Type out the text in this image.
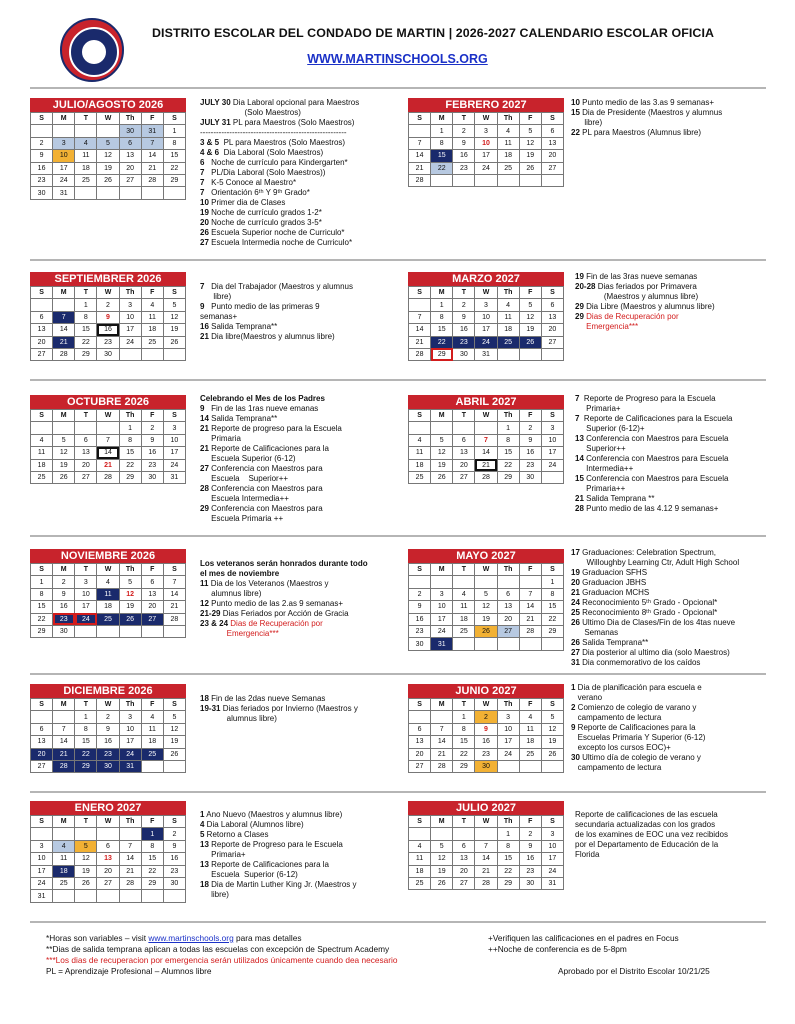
DISTRITO ESCOLAR DEL CONDADO DE MARTIN | 2026-2027 CALENDARIO ESCOLAR OFICIA
WWW.MARTINSCHOOLS.ORG
JULIO/AGOSTO 2026
S	M	T	W	Th	F	S
				30	31	1
2	3	4	5	6	7	8
9	10	11	12	13	14	15
16	17	18	19	20	21	22
23	24	25	26	27	28	29
30	31					
FEBRERO 2027
S	M	T	W	Th	F	S
	1	2	3	4	5	6
7	8	9	10	11	12	13
14	15	16	17	18	19	20
21	22	23	24	25	26	27
28						
SEPTIEMBRER 2026
S	M	T	W	Th	F	S
		1	2	3	4	5
6	7	8	9	10	11	12
13	14	15	16	17	18	19
20	21	22	23	24	25	26
27	28	29	30			
MARZO 2027
S	M	T	W	Th	F	S
	1	2	3	4	5	6
7	8	9	10	11	12	13
14	15	16	17	18	19	20
21	22	23	24	25	26	27
28	29	30	31			
OCTUBRE 2026
S	M	T	W	Th	F	S
				1	2	3
4	5	6	7	8	9	10
11	12	13	14	15	16	17
18	19	20	21	22	23	24
25	26	27	28	29	30	31
ABRIL 2027
S	M	T	W	Th	F	S
				1	2	3
4	5	6	7	8	9	10
11	12	13	14	15	16	17
18	19	20	21	22	23	24
25	26	27	28	29	30	
NOVIEMBRE 2026
S	M	T	W	Th	F	S
1	2	3	4	5	6	7
8	9	10	11	12	13	14
15	16	17	18	19	20	21
22	23	24	25	26	27	28
29	30					
MAYO 2027
S	M	T	W	Th	F	S
						1
2	3	4	5	6	7	8
9	10	11	12	13	14	15
16	17	18	19	20	21	22
23	24	25	26	27	28	29
30	31					
DICIEMBRE 2026
S	M	T	W	Th	F	S
		1	2	3	4	5
6	7	8	9	10	11	12
13	14	15	16	17	18	19
20	21	22	23	24	25	26
27	28	29	30	31		
JUNIO 2027
S	M	T	W	Th	F	S
		1	2	3	4	5
6	7	8	9	10	11	12
13	14	15	16	17	18	19
20	21	22	23	24	25	26
27	28	29	30			
ENERO 2027
S	M	T	W	Th	F	S
					1	2
3	4	5	6	7	8	9
10	11	12	13	14	15	16
17	18	19	20	21	22	23
24	25	26	27	28	29	30
31						
JULIO 2027
S	M	T	W	Th	F	S
				1	2	3
4	5	6	7	8	9	10
11	12	13	14	15	16	17
18	19	20	21	22	23	24
25	26	27	28	29	30	31
JULY 30 Dia Laboral opcional para Maestros
(Solo Maestros)
JULY 31 PL para Maestros (Solo Maestros)
-------------------------------------------------------
3 & 5  PL para Maestros (Solo Maestros)
4 & 6  Dia Laboral (Solo Maestros)
6   Noche de currículo para Kindergarten*
7   PL/Dia Laboral (Solo Maestros))
7   K-5 Conoce al Maestro*
7   Orientación 6ᵗʰ Y 9ᵗʰ Grado*
10 Primer dia de Clases
19 Noche de currículo grados 1-2*
20 Noche de currículo grados 3-5*
26 Escuela Superior noche de Curriculo*
27 Escuela Intermedia noche de Curriculo*
10 Punto medio de las 3.as 9 semanas+
15 Dia de Presidente (Maestros y alumnus
libre)
22 PL para Maestros (Alumnus libre)

7   Dia del Trabajador (Maestros y alumnus
libre)
9   Punto medio de las primeras 9
semanas+
16 Salida Temprana**
21 Dia libre(Maestros y alumnus libre)
19 Fin de las 3ras nueve semanas
20-28 Dias feriados por Primavera
(Maestros y alumnus libre)
29 Dia Libre (Maestros y alumnus libre)
29 Dias de Recuperación por
Emergencia***
Celebrando el Mes de los Padres
9   Fin de las 1ras nueve emanas
14 Salida Temprana**
21 Reporte de progreso para la Escuela
Primaria
21 Reporte de Calificaciones para la
Escuela Superior (6-12)
27 Conferencia con Maestros para
Escuela    Superior++
28 Conferencia con Maestros para
Escuela Intermedia++
29 Conferencia con Maestros para
Escuela Primaria ++
7  Reporte de Progreso para la Escuela
Primaria+
7  Reporte de Calificaciones para la Escuela
Superior (6-12)+
13 Conferencia con Maestros para Escuela
Superior++
14 Conferencia con Maestros para Escuela
Intermedia++
15 Conferencia con Maestros para Escuela
Primaria++
21 Salida Temprana **
28 Punto medio de las 4.12 9 semanas+
Los veteranos serán honrados durante todo
el mes de noviembre
11 Dia de los Veteranos (Maestros y
alumnus libre)
12 Punto medio de las 2.as 9 semanas+
21-29 Dias Feriados por Acción de Gracia
23 & 24 Dias de Recuperación por
Emergencia***
17 Graduaciones: Celebration Spectrum,
Willoughby Learning Ctr, Adult High School
19 Graduacion SFHS
20 Graduacion JBHS
21 Graduacion MCHS
24 Reconocimiento 5ᵗʰ Grado - Opcional*
25 Reconocimiento 8ᵗʰ Grado - Opcional*
26 Ultimo Dia de Clases/Fin de los 4tas nueve
Semanas
26 Salida Temprana**
27 Dia posterior al ultimo dia (solo Maestros)
31 Dia conmemorativo de los caídos
18 Fin de las 2das nueve Semanas
19-31 Dias feriados por Invierno (Maestros y
alumnus libre)
1 Dia de planificación para escuela e
verano
2 Comienzo de colegio de varano y
campamento de lectura
9 Reporte de Calificaciones para la
Escuelas Primaria Y Superior (6-12)
excepto los cursos EOC)+
30 Ultimo día de colegio de verano y
campamento de lectura
1 Ano Nuevo (Maestros y alumnus libre)
4 Dia Laboral (Alumnos libre)
5 Retorno a Clases
13 Reporte de Progreso para le Escuela
Primaria+
13 Reporte de Calificaciones para la
Escuela  Superior (6-12)
18 Dia de Martin Luther King Jr. (Maestros y
libre)
Reporte de calificaciones de las escuela
secundaria actualizadas con los grados
de los examines de EOC una vez recibidos
por el Departamento de Educación de la
Florida
*Horas son variables – visit www.martinschools.org para mas detalles
**Dias de salida temprana aplican a todas las escuelas con excepción de Spectrum Academy
***Los dias de recuperacion por emergencia serán utilizados únicamente cuando dea necesario
PL = Aprendizaje Profesional – Alumnos libre
+Verifiquen las calificaciones en el padres en Focus
++Noche de conferencia es de 5-8pm
Aprobado por el Distrito Escolar 10/21/25
